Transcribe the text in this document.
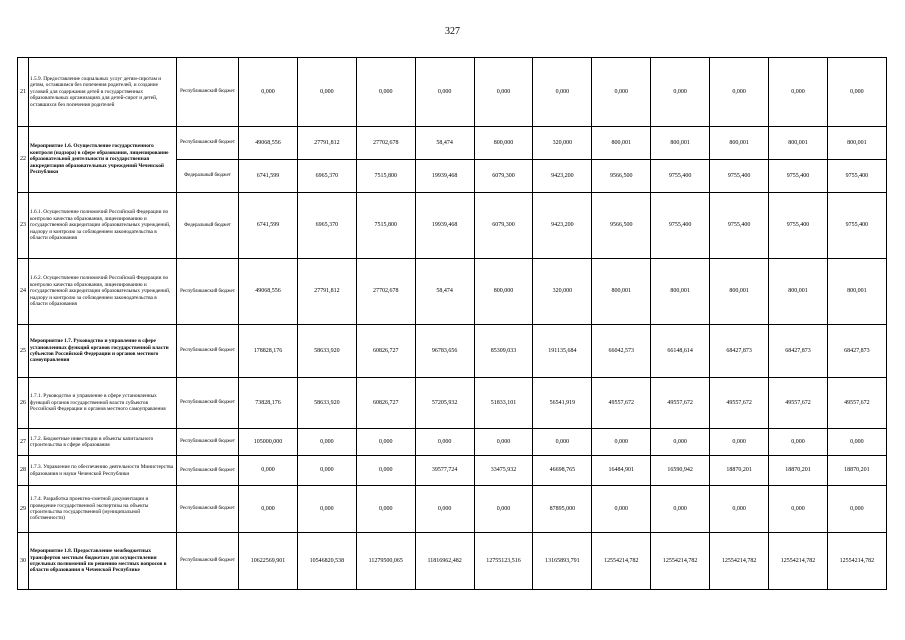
327
21	1.5.9. Предоставление социальных услуг детям-сиротам и детям, оставшимся без попечения родителей, и создание условий для содержания детей в государственных образовательных организациях для детей-сирот и детей, оставшихся без попечения родителей	Республиканский бюджет	0,000	0,000	0,000	0,000	0,000	0,000	0,000	0,000	0,000	0,000	0,000
22	Мероприятие 1.6. Осуществление государственного контроля (надзора) в сфере образования, лицензирование образовательной деятельности и государственная аккредитация образовательных учреждений Чеченской Республики	Республиканский бюджет	49068,556	27791,812	27702,678	58,474	800,000	320,000	800,001	800,001	800,001	800,001	800,001
		Федеральный бюджет	6741,599	6965,370	7515,800	19939,468	6079,300	9423,200	9566,500	9755,400	9755,400	9755,400	9755,400
23	1.6.1. Осуществление полномочий Российской Федерации по контролю качества образования, лицензированию и государственной аккредитации образовательных учреждений, надзору и контролю за соблюдением законодательства в области образования	Федеральный бюджет	6741,599	6965,370	7515,800	19939,468	6079,300	9423,200	9566,500	9755,400	9755,400	9755,400	9755,400
24	1.6.2. Осуществление полномочий Российской Федерации по контролю качества образования, лицензированию и государственной аккредитации образовательных учреждений, надзору и контролю за соблюдением законодательства в области образования	Республиканский бюджет	49068,556	27791,812	27702,678	58,474	800,000	320,000	800,001	800,001	800,001	800,001	800,001
25	Мероприятие 1.7. Руководство и управление в сфере установленных функций органов государственной власти субъектов Российской Федерации и органов местного самоуправления	Республиканский бюджет	178828,176	58633,920	60826,727	96783,656	85309,033	191135,684	66042,573	66148,614	68427,873	68427,873	68427,873
26	1.7.1. Руководство и управление в сфере установленных функций органов государственной власти субъектов Российской Федерации и органов местного самоуправления	Республиканский бюджет	73828,176	58633,920	60826,727	57205,932	51833,101	56541,919	49557,672	49557,672	49557,672	49557,672	49557,672
27	1.7.2. Бюджетные инвестиции в объекты капитального строительства в сфере образования	Республиканский бюджет	105000,000	0,000	0,000	0,000	0,000	0,000	0,000	0,000	0,000	0,000	0,000
28	1.7.3. Управление по обеспечению деятельности Министерства образования и науки Чеченской Республики	Республиканский бюджет	0,000	0,000	0,000	39577,724	33475,932	46698,765	16484,901	16590,942	18870,201	18870,201	18870,201
29	1.7.4. Разработка проектно-сметной документации и проведение государственной экспертизы на объекты строительства государственной (муниципальной собственности)	Республиканский бюджет	0,000	0,000	0,000	0,000	0,000	87895,000	0,000	0,000	0,000	0,000	0,000
30	Мероприятие 1.8. Предоставление межбюджетных трансфертов местным бюджетам для осуществления отдельных полномочий по решению местных вопросов в области образования в Чеченской Республике	Республиканский бюджет	10622569,901	10546820,538	11279500,065	11816962,482	12755123,516	13165893,791	12554214,782	12554214,782	12554214,782	12554214,782	12554214,782
